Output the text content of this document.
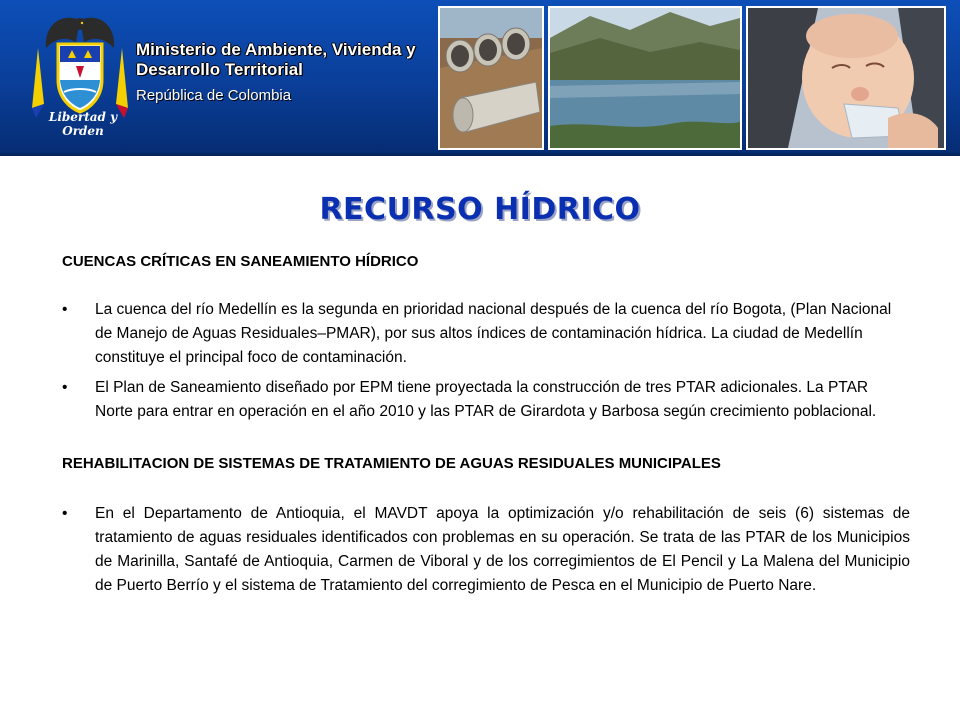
Libertad y Orden
Ministerio de Ambiente, Vivienda y Desarrollo Territorial
República de Colombia
RECURSO HÍDRICO

CUENCAS CRÍTICAS EN SANEAMIENTO HÍDRICO

• La cuenca del río Medellín es la segunda en prioridad nacional después de la cuenca del río Bogota, (Plan Nacional de Manejo de Aguas Residuales–PMAR), por sus altos índices de contaminación hídrica. La ciudad de Medellín constituye el principal foco de contaminación.
• El Plan de Saneamiento diseñado por EPM tiene proyectada la construcción de tres PTAR adicionales. La PTAR Norte para entrar en operación en el año 2010 y las PTAR de Girardota y Barbosa según crecimiento poblacional.

REHABILITACION DE SISTEMAS DE TRATAMIENTO DE AGUAS RESIDUALES MUNICIPALES

• En el Departamento de Antioquia, el MAVDT apoya la optimización y/o rehabilitación de seis (6) sistemas de tratamiento de aguas residuales identificados con problemas en su operación. Se trata de las PTAR de los Municipios de Marinilla, Santafé de Antioquia, Carmen de Viboral y de los corregimientos de El Pencil y La Malena del Municipio de Puerto Berrío y el sistema de Tratamiento del corregimiento de Pesca en el Municipio de Puerto Nare.
